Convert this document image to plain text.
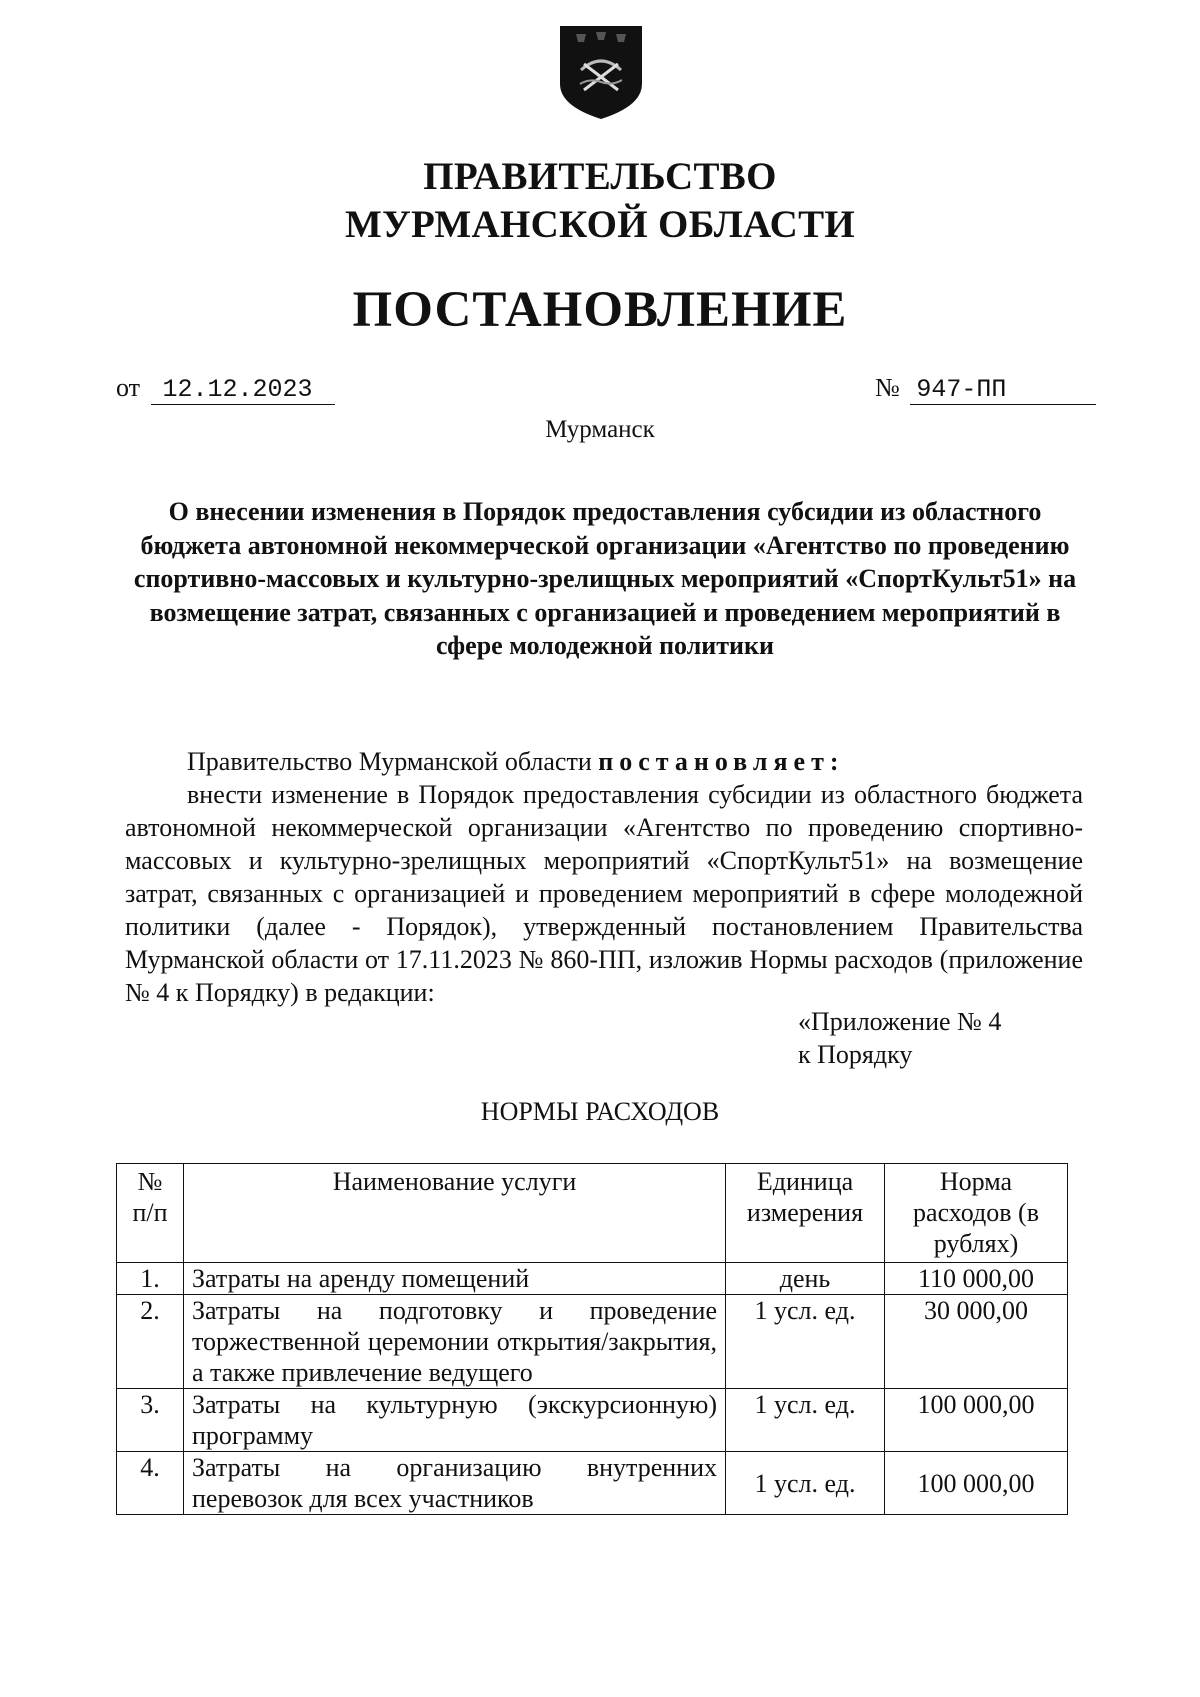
ПРАВИТЕЛЬСТВО
МУРМАНСКОЙ ОБЛАСТИ
ПОСТАНОВЛЕНИЕ
от 12.12.2023	№ 947-ПП
Мурманск
О внесении изменения в Порядок предоставления субсидии из областного бюджета автономной некоммерческой организации «Агентство по проведению спортивно-массовых и культурно-зрелищных мероприятий «СпортКульт51» на возмещение затрат, связанных с организацией и проведением мероприятий в сфере молодежной политики

Правительство Мурманской области постановляет:

внести изменение в Порядок предоставления субсидии из областного бюджета автономной некоммерческой организации «Агентство по проведению спортивно-массовых и культурно-зрелищных мероприятий «СпортКульт51» на возмещение затрат, связанных с организацией и проведением мероприятий в сфере молодежной политики (далее - Порядок), утвержденный постановлением Правительства Мурманской области от 17.11.2023 № 860-ПП, изложив Нормы расходов (приложение № 4 к Порядку) в редакции:

«Приложение № 4
к Порядку
НОРМЫ РАСХОДОВ
№ п/п	Наименование услуги	Единица измерения	Норма расходов (в рублях)
1.	Затраты на аренду помещений	день	110 000,00
2.	Затраты на подготовку и проведение торжественной церемонии открытия/закрытия, а также привлечение ведущего	1 усл. ед.	30 000,00
3.	Затраты на культурную (экскурсионную) программу	1 усл. ед.	100 000,00
4.	Затраты на организацию внутренних перевозок для всех участников	1 усл. ед.	100 000,00
